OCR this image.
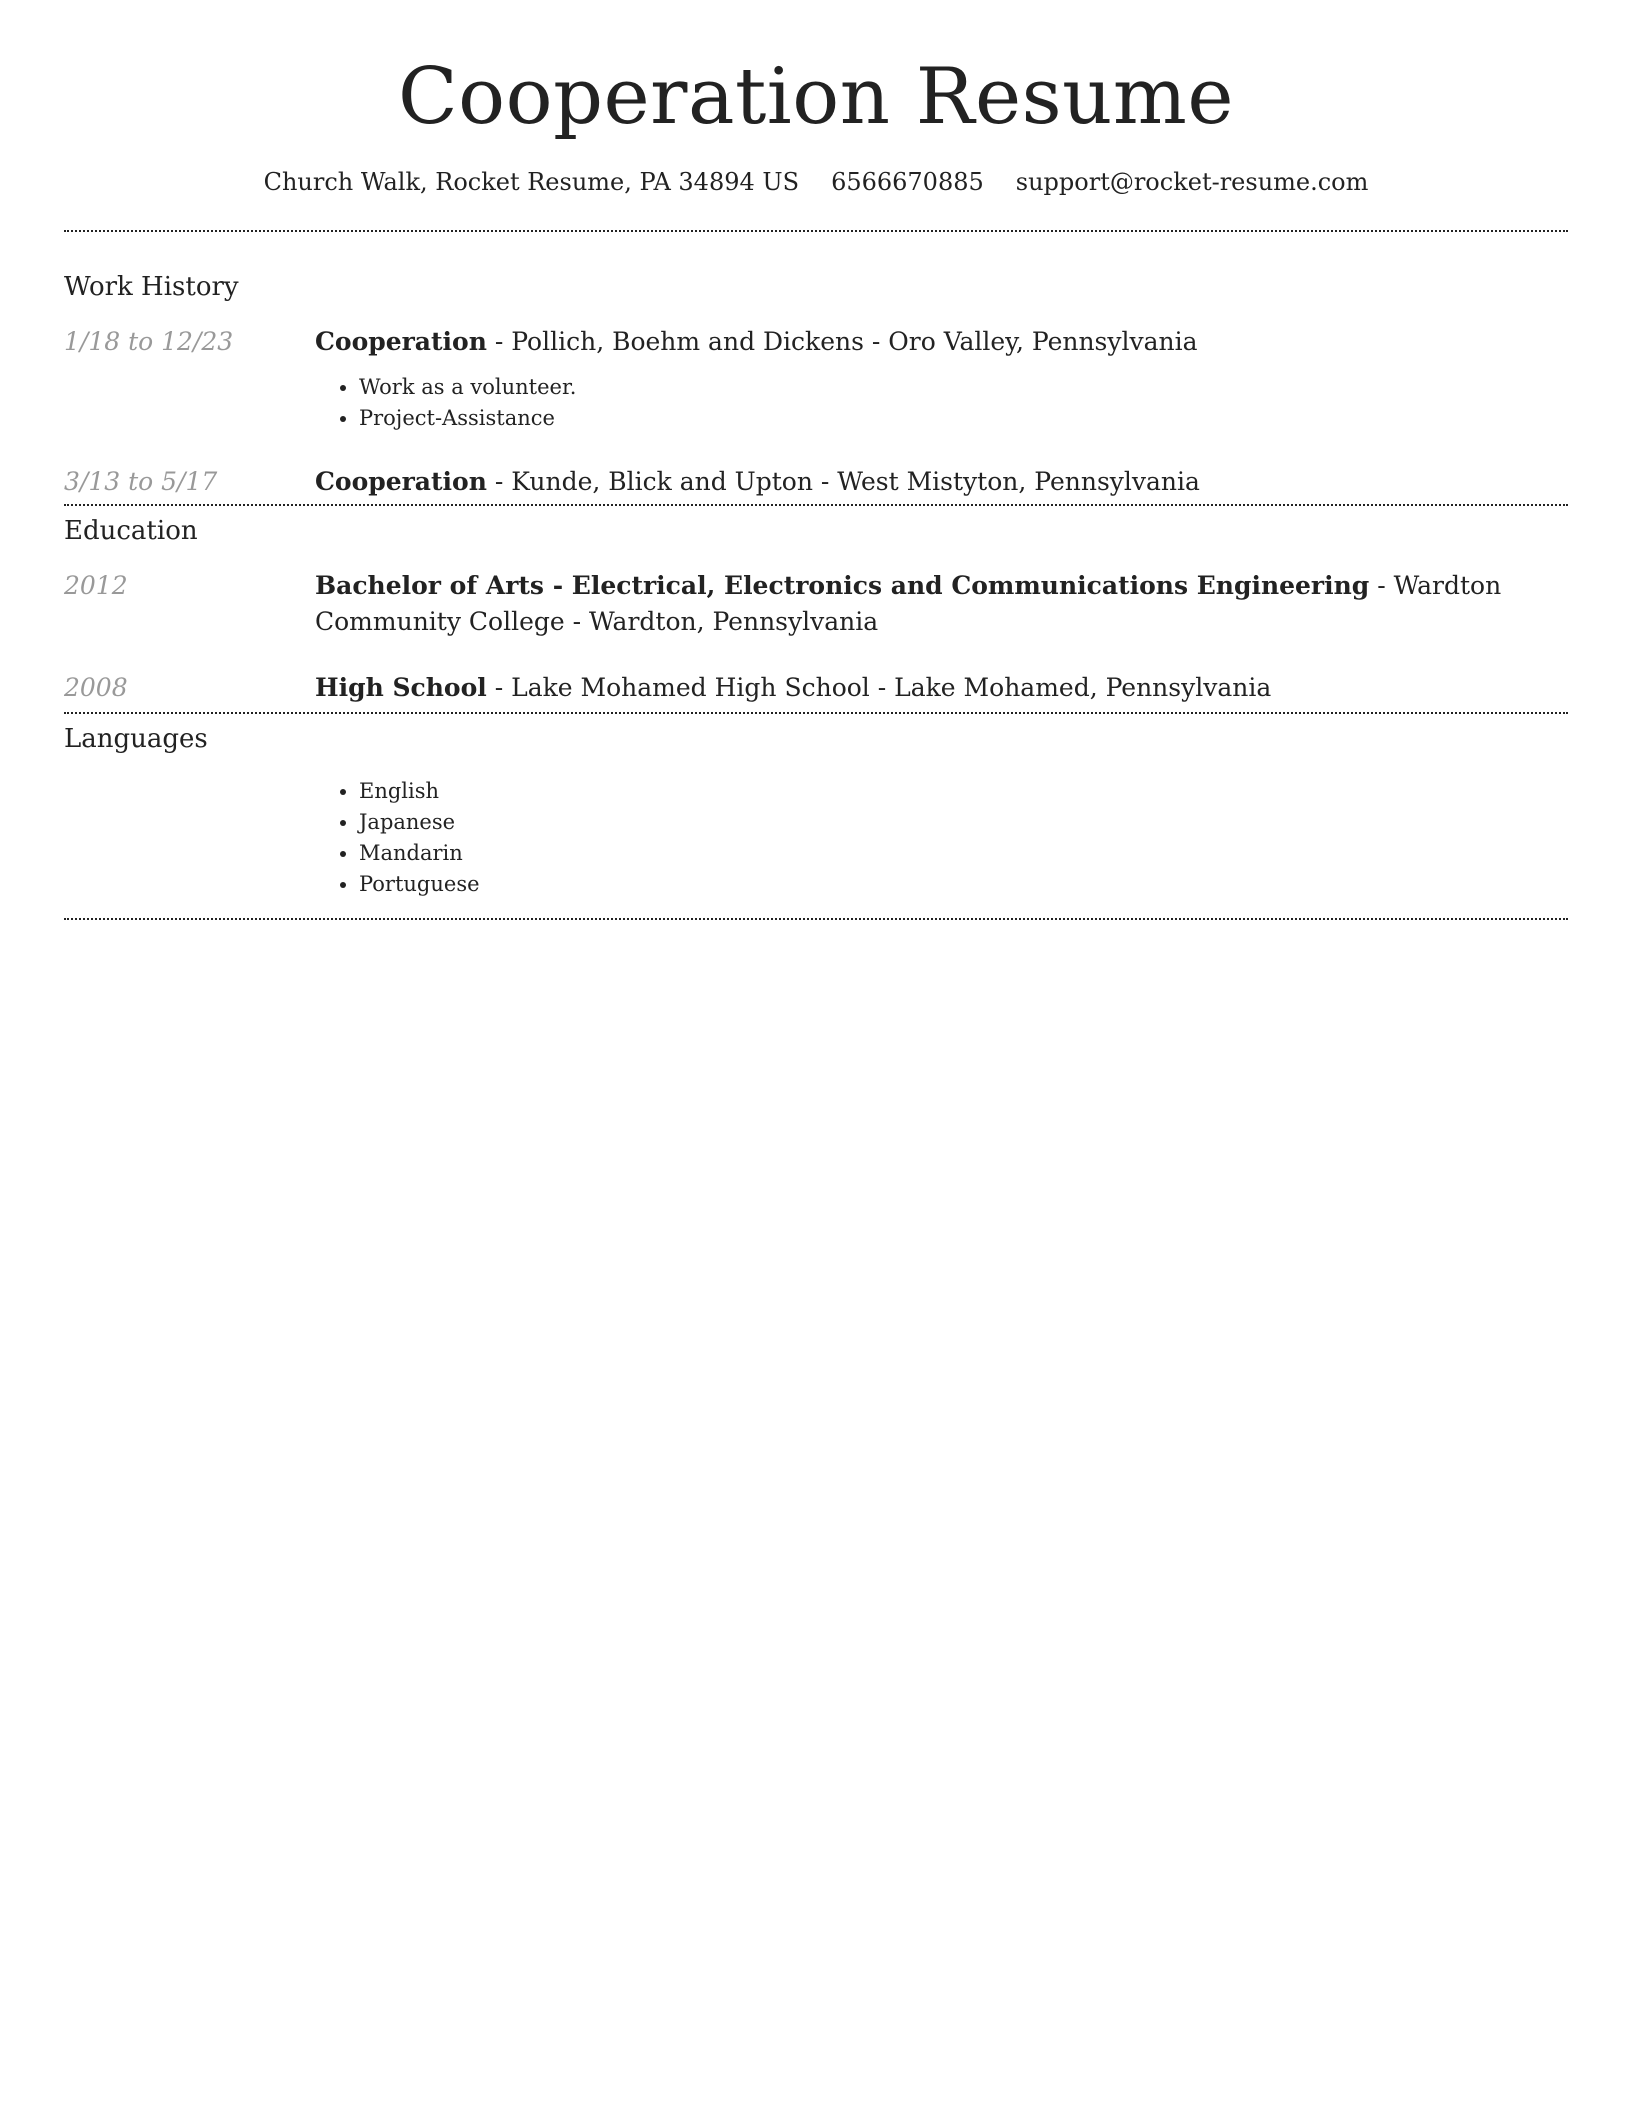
Cooperation Resume
Church Walk, Rocket Resume, PA 34894 US 6566670885 support@rocket-resume.com
Work History
1/18 to 12/23	Cooperation - Pollich, Boehm and Dickens - Oro Valley, Pennsylvania
• Work as a volunteer.
• Project-Assistance
3/13 to 5/17	Cooperation - Kunde, Blick and Upton - West Mistyton, Pennsylvania
Education
2012	Bachelor of Arts - Electrical, Electronics and Communications Engineering - Wardton Community College - Wardton, Pennsylvania
2008	High School - Lake Mohamed High School - Lake Mohamed, Pennsylvania
Languages
• English
• Japanese
• Mandarin
• Portuguese
